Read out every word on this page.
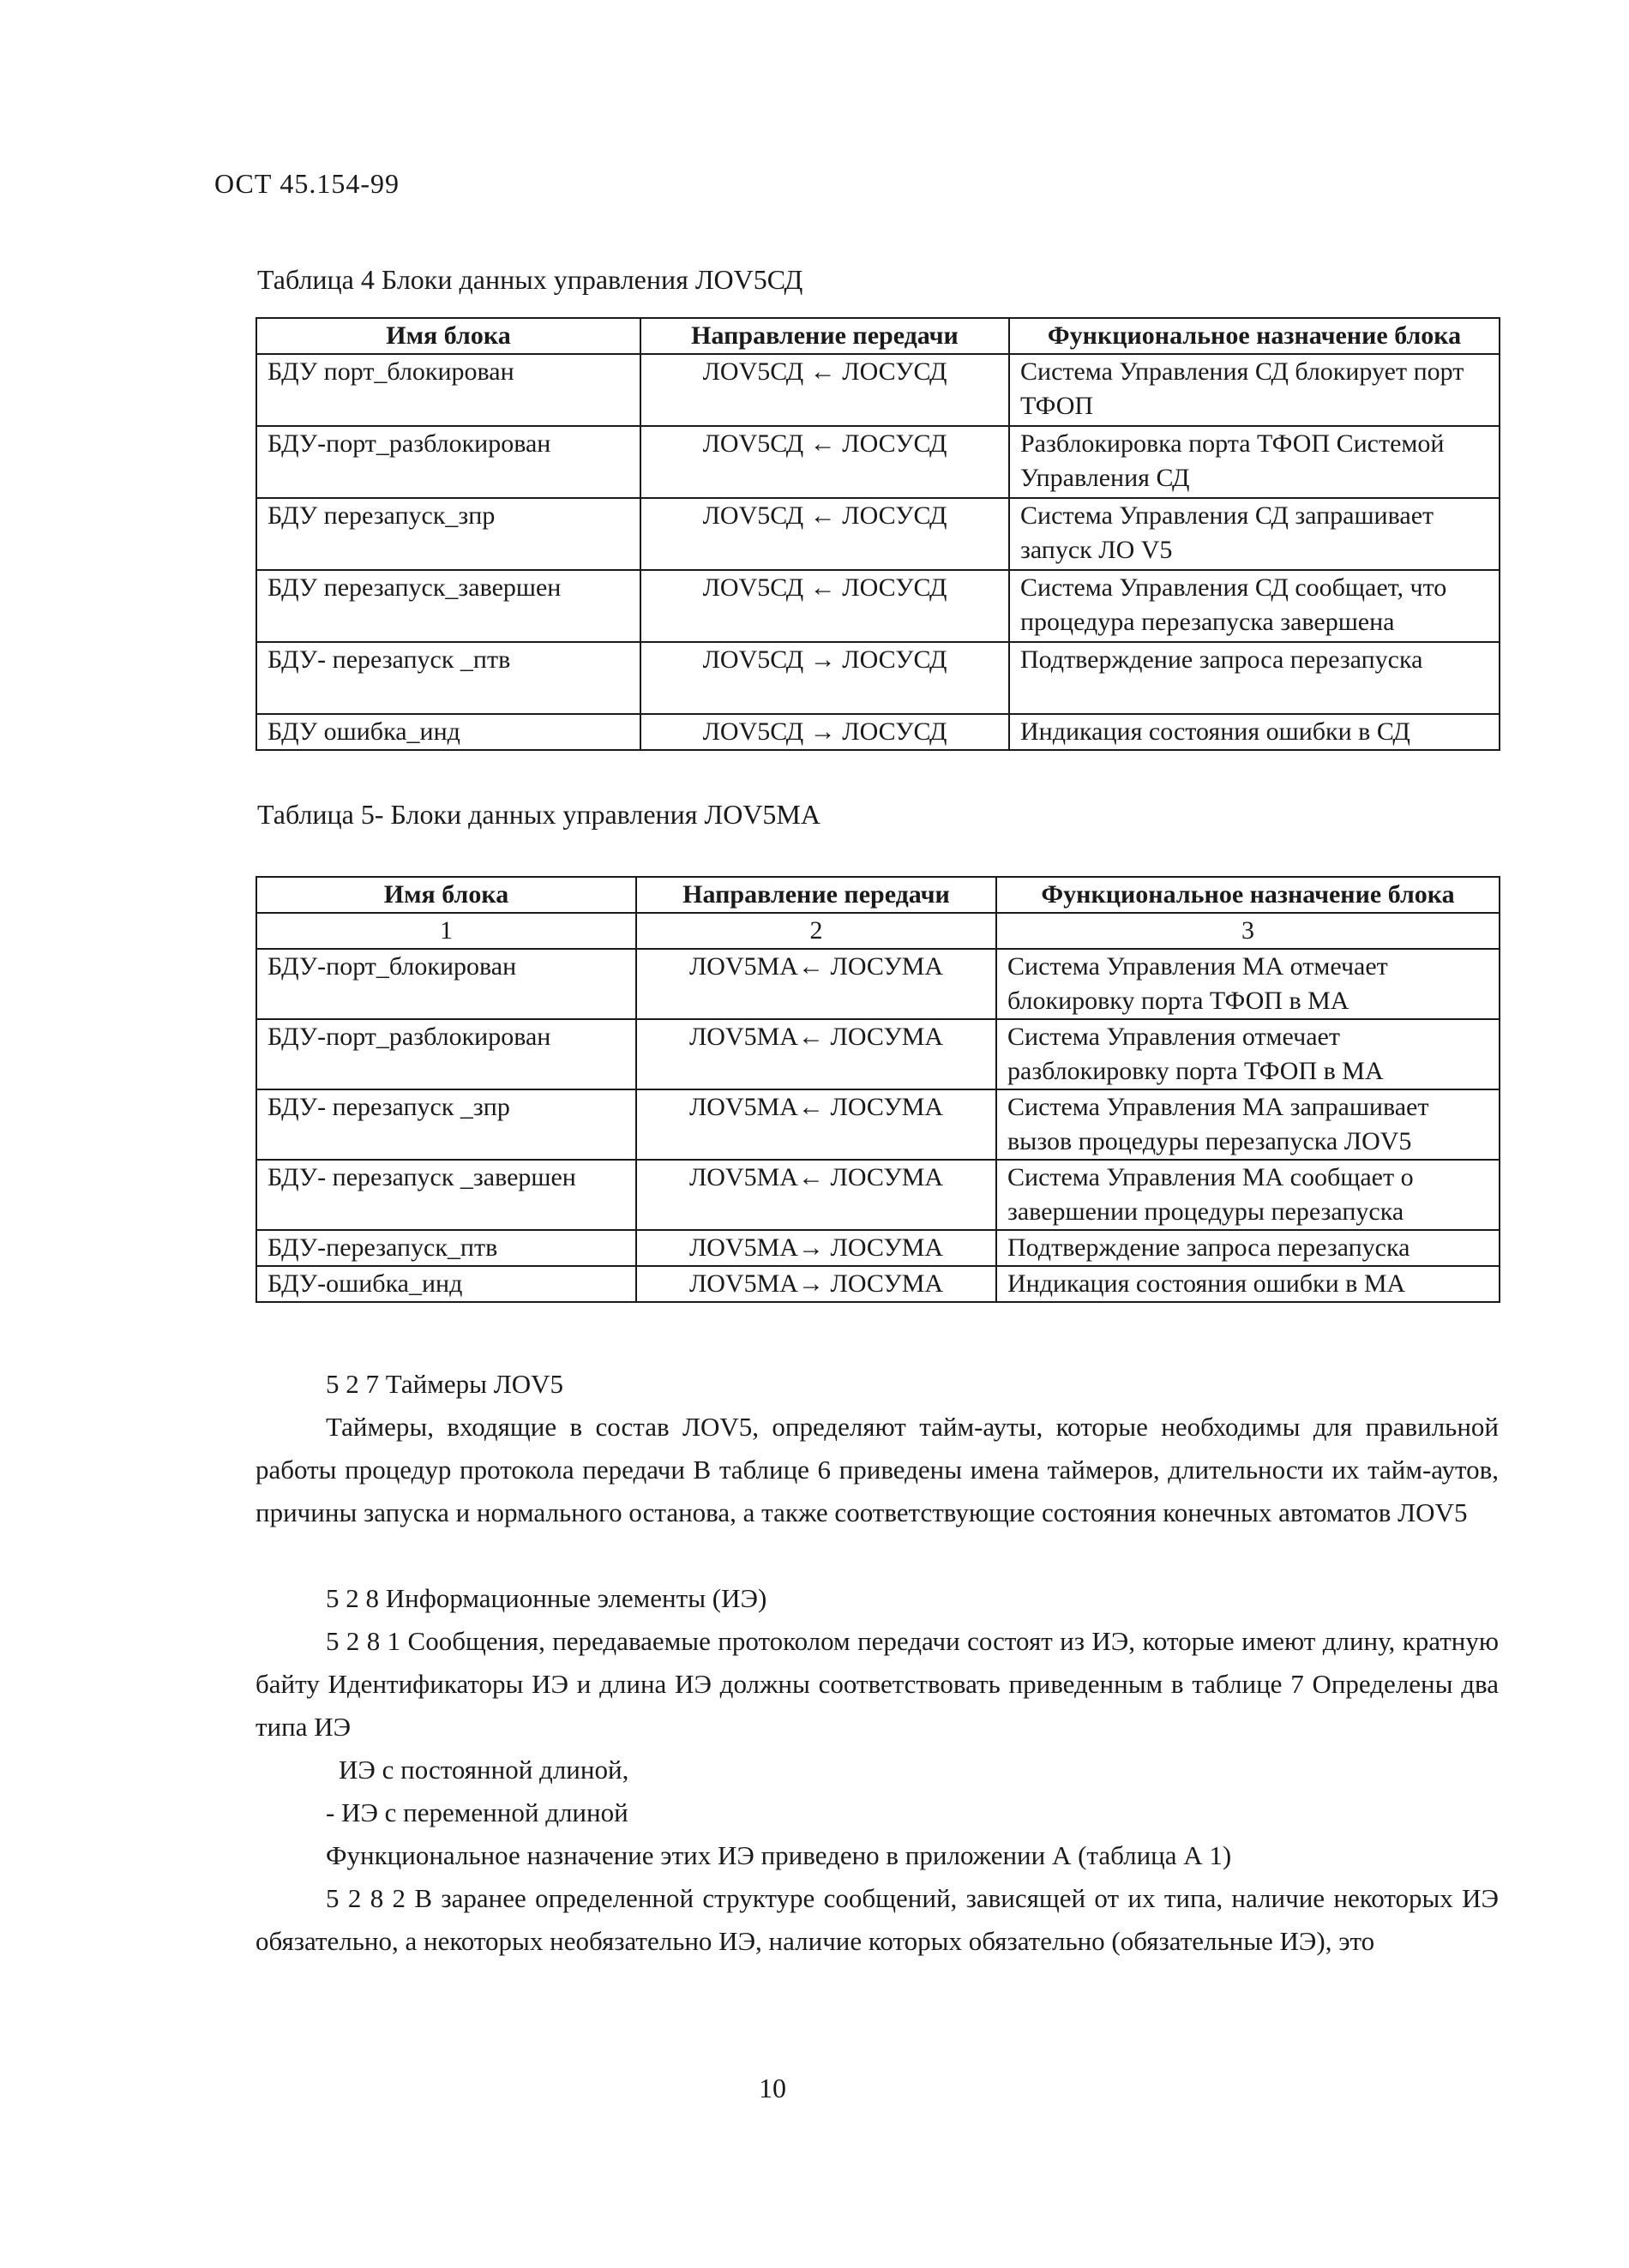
ОСТ 45.154-99
Таблица 4 Блоки данных управления ЛОV5СД
Имя блока	Направление передачи	Функциональное назначение блока
БДУ порт_блокирован	ЛОV5СД ← ЛОСУСД	Система Управления СД блокирует порт ТФОП
БДУ-порт_разблокирован	ЛОV5СД ← ЛОСУСД	Разблокировка порта ТФОП Системой Управления СД
БДУ перезапуск_зпр	ЛОV5СД ← ЛОСУСД	Система Управления СД запрашивает запуск ЛО V5
БДУ перезапуск_завершен	ЛОV5СД ← ЛОСУСД	Система Управления СД сообщает, что процедура перезапуска завершена
БДУ- перезапуск _птв	ЛОV5СД → ЛОСУСД	Подтверждение запроса перезапуска
БДУ ошибка_инд	ЛОV5СД → ЛОСУСД	Индикация состояния ошибки в СД
Таблица 5- Блоки данных управления ЛОV5МА
Имя блока	Направление передачи	Функциональное назначение блока
1	2	3
БДУ-порт_блокирован	ЛОV5МА← ЛОСУМА	Система Управления МА отмечает блокировку порта ТФОП в МА
БДУ-порт_разблокирован	ЛОV5МА← ЛОСУМА	Система Управления отмечает разблокировку порта ТФОП в МА
БДУ- перезапуск _зпр	ЛОV5МА← ЛОСУМА	Система Управления МА запрашивает вызов процедуры перезапуска ЛОV5
БДУ- перезапуск _завершен	ЛОV5МА← ЛОСУМА	Система Управления МА сообщает о завершении процедуры перезапуска
БДУ-перезапуск_птв	ЛОV5МА→ ЛОСУМА	Подтверждение запроса перезапуска
БДУ-ошибка_инд	ЛОV5МА→ ЛОСУМА	Индикация состояния ошибки в МА
5 2 7 Таймеры ЛОV5
Таймеры, входящие в состав ЛОV5, определяют тайм-ауты, которые необходимы для правильной работы процедур протокола передачи В таблице 6 приведены имена таймеров, длительности их тайм-аутов, причины запуска и нормального останова, а также соответствующие состояния конечных автоматов ЛОV5
5 2 8 Информационные элементы (ИЭ)
5 2 8 1 Сообщения, передаваемые протоколом передачи состоят из ИЭ, которые имеют длину, кратную байту Идентификаторы ИЭ и длина ИЭ должны соответствовать приведенным в таблице 7 Определены два типа ИЭ
ИЭ с постоянной длиной,
- ИЭ с переменной длиной
Функциональное назначение этих ИЭ приведено в приложении А (таблица А 1)
5 2 8 2 В заранее определенной структуре сообщений, зависящей от их типа, наличие некоторых ИЭ обязательно, а некоторых необязательно ИЭ, наличие которых обязательно (обязательные ИЭ), это
10
